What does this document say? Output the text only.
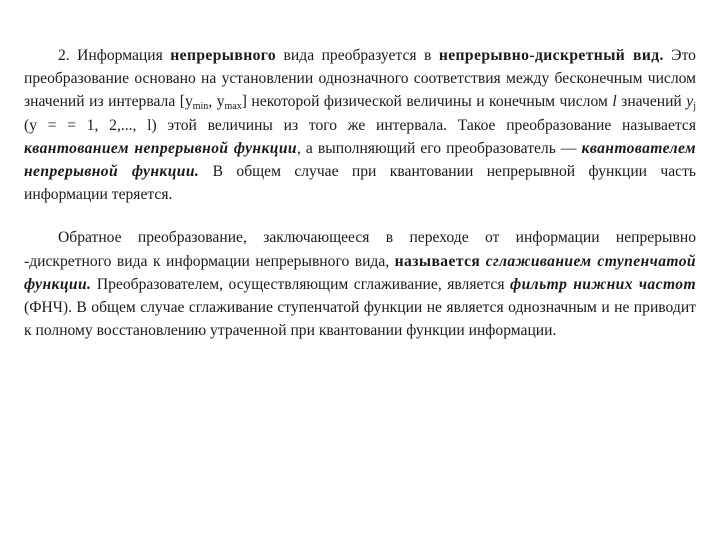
2. Информация непрерывного вида преобразуется в непрерывно-дискретный вид. Это преобразование основано на установлении однозначного соответствия между бесконечным числом значений из интервала [$y_{min}$, $y_{max}$] некоторой физической величины и конечным числом l значений $y_j$ (y = = 1, 2,..., l) этой величины из того же интервала. Такое преобразование называется квантованием непрерывной функции, а выполняющий его преобразователь — квантователем непрерывной функции. В общем случае при квантовании непрерывной функции часть информации теряется.

Обратное преобразование, заключающееся в переходе от информации непрерывно -дискретного вида к информации непрерывного вида, называется сглаживанием ступенчатой функции. Преобразователем, осуществляющим сглаживание, является фильтр нижних частот (ФНЧ). В общем случае сглаживание ступенчатой функции не является однозначным и не приводит к полному восстановлению утраченной при квантовании функции информации.
